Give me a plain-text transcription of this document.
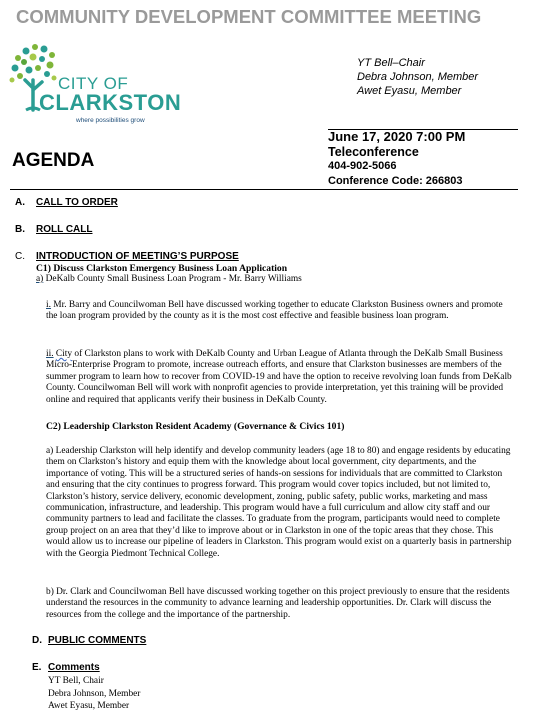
COMMUNITY DEVELOPMENT COMMITTEE MEETING
CITY OF
CLARKSTON
where possibilities grow
YT Bell–Chair
Debra Johnson, Member
Awet Eyasu, Member
AGENDA
June 17, 2020 7:00 PM
Teleconference
404-902-5066
Conference Code: 266803
A. CALL TO ORDER
B. ROLL CALL
C. INTRODUCTION OF MEETING’S PURPOSE
C1) Discuss Clarkston Emergency Business Loan Application
a) DeKalb County Small Business Loan Program - Mr. Barry Williams
i. Mr. Barry and Councilwoman Bell have discussed working together to educate Clarkston Business owners and promote the loan program provided by the county as it is the most cost effective and feasible business loan program.
ii. City of Clarkston plans to work with DeKalb County and Urban League of Atlanta through the DeKalb Small Business Micro-Enterprise Program to promote, increase outreach efforts, and ensure that Clarkston businesses are members of the summer program to learn how to recover from COVID-19 and have the option to receive revolving loan funds from DeKalb County. Councilwoman Bell will work with nonprofit agencies to provide interpretation, yet this training will be provided online and required that applicants verify their business in DeKalb County.
C2) Leadership Clarkston Resident Academy (Governance & Civics 101)
a) Leadership Clarkston will help identify and develop community leaders (age 18 to 80) and engage residents by educating them on Clarkston’s history and equip them with the knowledge about local government, city departments, and the importance of voting. This will be a structured series of hands-on sessions for individuals that are committed to Clarkston and ensuring that the city continues to progress forward. This program would cover topics included, but not limited to, Clarkston’s history, service delivery, economic development, zoning, public safety, public works, marketing and mass communication, infrastructure, and leadership. This program would have a full curriculum and allow city staff and our community partners to lead and facilitate the classes. To graduate from the program, participants would need to complete group project on an area that they’d like to improve about or in Clarkston in one of the topic areas that they chose. This would allow us to increase our pipeline of leaders in Clarkston. This program would exist on a quarterly basis in partnership with the Georgia Piedmont Technical College.
b) Dr. Clark and Councilwoman Bell have discussed working together on this project previously to ensure that the residents understand the resources in the community to advance learning and leadership opportunities. Dr. Clark will discuss the resources from the college and the importance of the partnership.
D. PUBLIC COMMENTS
E. Comments
YT Bell, Chair
Debra Johnson, Member
Awet Eyasu, Member
